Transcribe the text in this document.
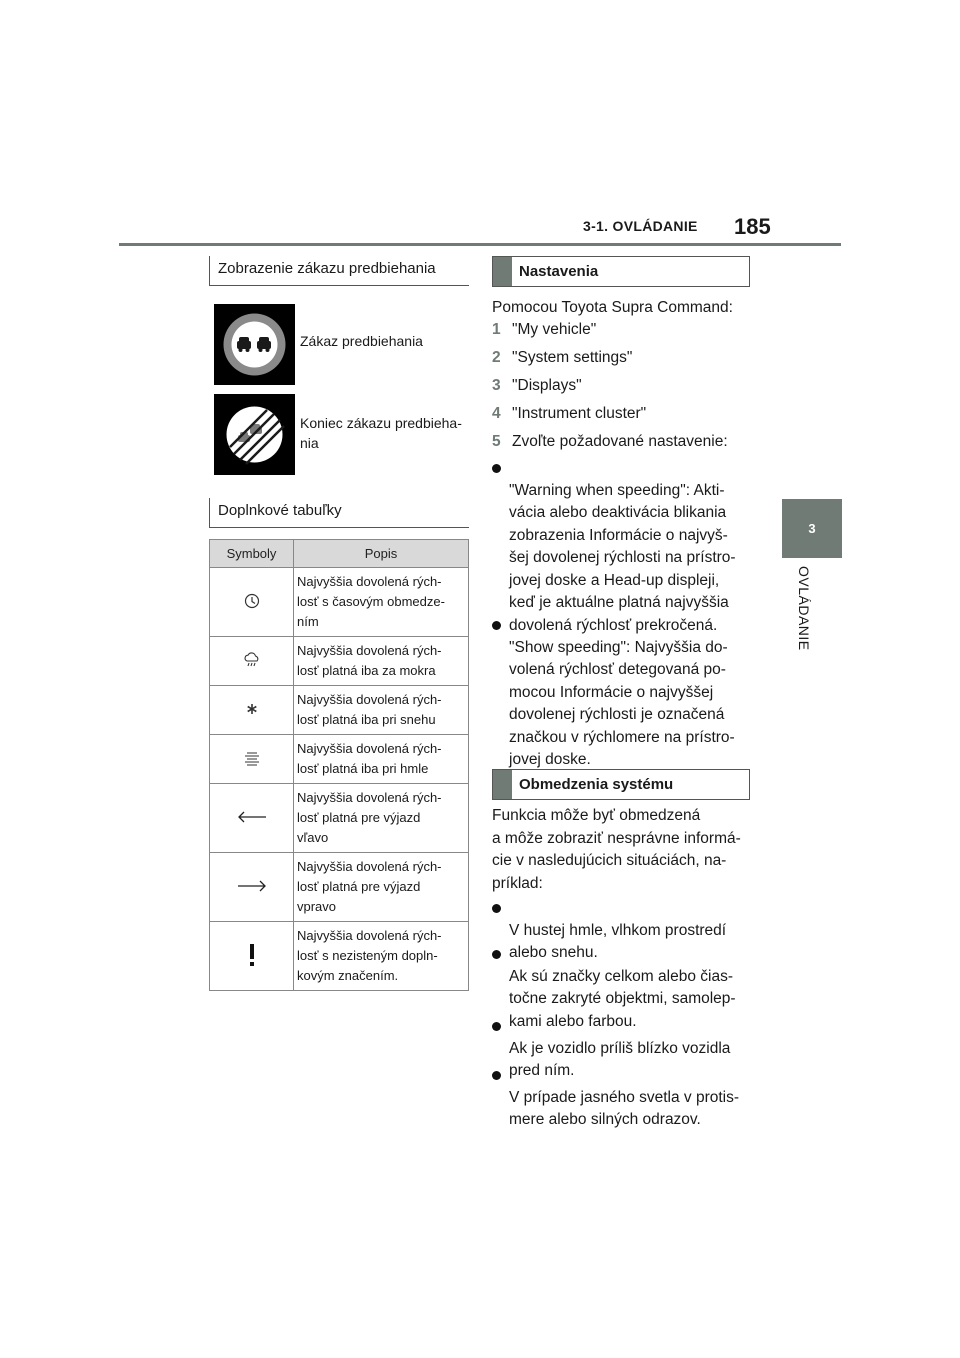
3-1. OVLÁDANIE 185
3
OVLÁDANIE
Zobrazenie zákazu predbiehania
Zákaz predbiehania
Koniec zákazu predbieha-
nia
Doplnkové tabuľky
Symboly	Popis
	Najvyššia dovolená rých-
losť s časovým obmedze-
ním
	Najvyššia dovolená rých-
losť platná iba za mokra
	Najvyššia dovolená rých-
losť platná iba pri snehu
	Najvyššia dovolená rých-
losť platná iba pri hmle
	Najvyššia dovolená rých-
losť platná pre výjazd
vľavo
	Najvyššia dovolená rých-
losť platná pre výjazd
vpravo
	Najvyššia dovolená rých-
losť s nezisteným dopln-
kovým značením.
Nastavenia
Pomocou Toyota Supra Command:
1 "My vehicle"
2 "System settings"
3 "Displays"
4 "Instrument cluster"
5 Zvoľte požadované nastavenie:

"Warning when speeding": Akti-
vácia alebo deaktivácia blikania
zobrazenia Informácie o najvyš-
šej dovolenej rýchlosti na prístro-
jovej doske a Head-up displeji,
keď je aktuálne platná najvyššia
dovolená rýchlosť prekročená.

"Show speeding": Najvyššia do-
volená rýchlosť detegovaná po-
mocou Informácie o najvyššej
dovolenej rýchlosti je označená
značkou v rýchlomere na prístro-
jovej doske.

Obmedzenia systému
Funkcia môže byť obmedzená
a môže zobraziť nesprávne informá-
cie v nasledujúcich situáciách, na-
príklad:

V hustej hmle, vlhkom prostredí
alebo snehu.

Ak sú značky celkom alebo čias-
točne zakryté objektmi, samolep-
kami alebo farbou.

Ak je vozidlo príliš blízko vozidla
pred ním.

V prípade jasného svetla v protis-
mere alebo silných odrazov.
